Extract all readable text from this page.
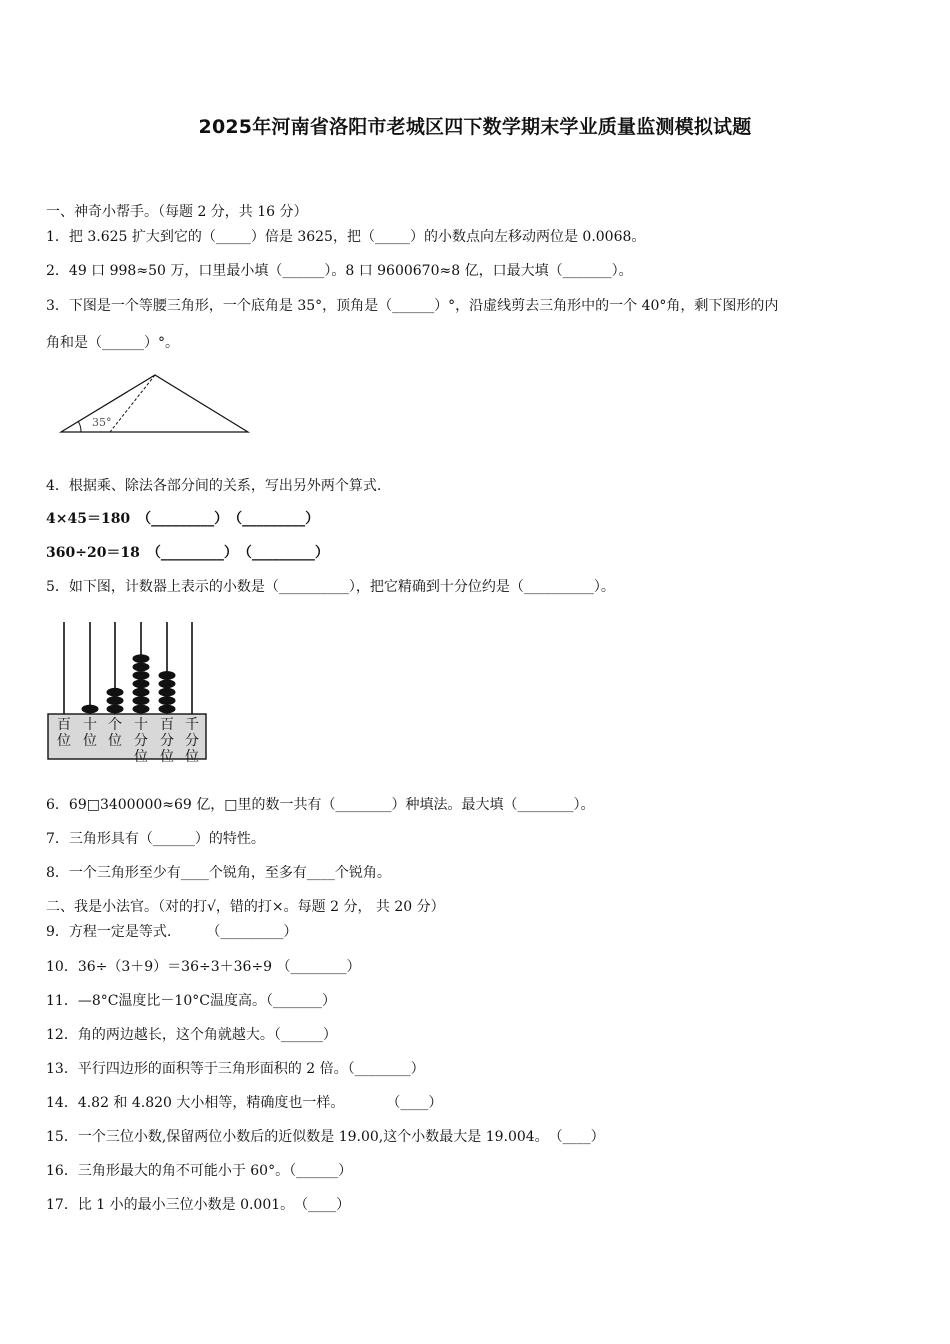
2025年河南省洛阳市老城区四下数学期末学业质量监测模拟试题
一、神奇小帮手。（每题 2 分，共 16 分）
1．把 3.625 扩大到它的（_____）倍是 3625，把（_____）的小数点向左移动两位是 0.0068。
2．49 口 998≈50 万，口里最小填（______）。8 口 9600670≈8 亿，口最大填（_______）。
3．下图是一个等腰三角形，一个底角是 35°，顶角是（______）°，沿虚线剪去三角形中的一个 40°角，剩下图形的内
角和是（______）°。
35°
4．根据乘、除法各部分间的关系，写出另外两个算式.
4×45＝180　（_________）　（_________）
360÷20＝18　（_________）　（_________）
5．如下图，计数器上表示的小数是（__________），把它精确到十分位约是（__________）。
百
位
十
位
个
位
十
分
位
百
分
位
千
分
位
6．69□3400000≈69 亿，□里的数一共有（________）种填法。最大填（________）。
7．三角形具有（______）的特性。
8．一个三角形至少有____个锐角，至多有____个锐角。
二、我是小法官。（对的打√，错的打×。每题 2 分， 共 20 分）
9．方程一定是等式.　　　（_________）
10．36÷（3＋9）＝36÷3＋36÷9 （________）
11．—8°C温度比－10°C温度高。（_______）
12．角的两边越长，这个角就越大。（______）
13．平行四边形的面积等于三角形面积的 2 倍。（________）
14．4.82 和 4.820 大小相等，精确度也一样。　　　　（____）
15．一个三位小数,保留两位小数后的近似数是 19.00,这个小数最大是 19.004。　（____）
16．三角形最大的角不可能小于 60°。（______）
17．比 1 小的最小三位小数是 0.001。　（____）
